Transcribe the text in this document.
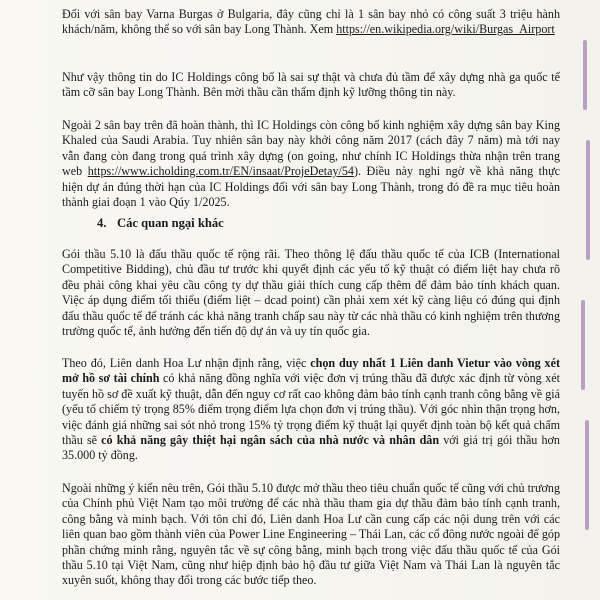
Đối với sân bay Varna Burgas ở Bulgaria, đây cũng chỉ là 1 sân bay nhỏ có công suất 3 triệu hành khách/năm, không thể so với sân bay Long Thành. Xem https://en.wikipedia.org/wiki/Burgas_Airport

Như vậy thông tin do IC Holdings công bố là sai sự thật và chưa đủ tầm để xây dựng nhà ga quốc tế tầm cỡ sân bay Long Thành. Bên mời thầu cần thẩm định kỹ lưỡng thông tin này.

Ngoài 2 sân bay trên đã hoàn thành, thì IC Holdings còn công bố kinh nghiệm xây dựng sân bay King Khaled của Saudi Arabia. Tuy nhiên sân bay này khởi công năm 2017 (cách đây 7 năm) mà tới nay vẫn đang còn đang trong quá trình xây dựng (on going, như chính IC Holdings thừa nhận trên trang web https://www.icholding.com.tr/EN/insaat/ProjeDetay/54). Điều này nghi ngờ về khả năng thực hiện dự án đúng thời hạn của IC Holdings đối với sân bay Long Thành, trong đó đề ra mục tiêu hoàn thành giai đoạn 1 vào Qúy 1/2025.

4. Các quan ngại khác

Gói thầu 5.10 là đấu thầu quốc tế rộng rãi. Theo thông lệ đấu thầu quốc tế của ICB (International Competitive Bidding), chủ đầu tư trước khi quyết định các yếu tố kỹ thuật có điểm liệt hay chưa rõ đều phải công khai yêu cầu công ty dự thầu giải thích cung cấp thêm để đảm bảo tính khách quan. Việc áp dụng điểm tối thiểu (điểm liệt – dcad point) cần phải xem xét kỹ càng liệu có đúng qui định đấu thầu quốc tế để tránh các khả năng tranh chấp sau này từ các nhà thầu có kinh nghiệm trên thương trường quốc tế, ảnh hưởng đến tiến độ dự án và uy tín quốc gia.

Theo đó, Liên danh Hoa Lư nhận định rằng, việc chọn duy nhất 1 Liên danh Vietur vào vòng xét mở hồ sơ tài chính có khả năng đồng nghĩa với việc đơn vị trúng thầu đã được xác định từ vòng xét tuyển hồ sơ đề xuất kỹ thuật, dẫn đến nguy cơ rất cao không đảm bảo tính cạnh tranh công bằng về giá (yếu tố chiếm tỷ trọng 85% điểm trọng điểm lựa chọn đơn vị trúng thầu). Với góc nhìn thận trọng hơn, việc đánh giá những sai sót nhỏ trong 15% tỷ trọng điểm kỹ thuật lại quyết định toàn bộ kết quả chấm thầu sẽ có khả năng gây thiệt hại ngân sách của nhà nước và nhân dân với giá trị gói thầu hơn 35.000 tỷ đồng.

Ngoài những ý kiến nêu trên, Gói thầu 5.10 được mở thầu theo tiêu chuẩn quốc tế cũng với chủ trương của Chính phủ Việt Nam tạo môi trường để các nhà thầu tham gia dự thầu đảm bảo tính cạnh tranh, công bằng và minh bạch. Với tôn chỉ đó, Liên danh Hoa Lư cần cung cấp các nội dung trên với các liên quan bao gồm thành viên của Power Line Engineering – Thái Lan, các cổ đông nước ngoài để góp phần chứng minh rằng, nguyên tắc về sự công bằng, minh bạch trong việc đấu thầu quốc tế của Gói thầu 5.10 tại Việt Nam, cũng như hiệp định bảo hộ đầu tư giữa Việt Nam và Thái Lan là nguyên tắc xuyên suốt, không thay đổi trong các bước tiếp theo.
